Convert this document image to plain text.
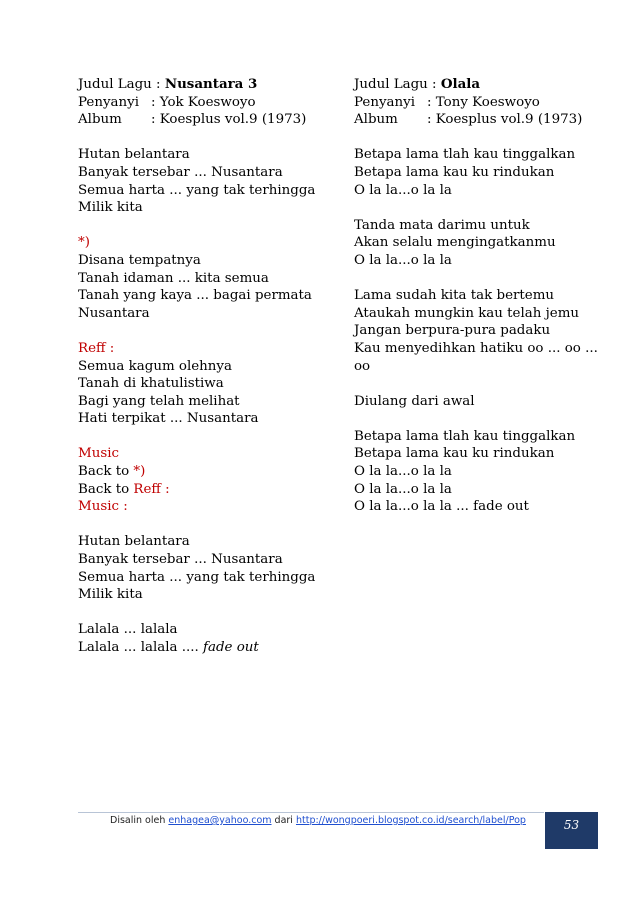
Judul Lagu : Nusantara 3
Penyanyi : Yok Koeswoyo
Album : Koesplus vol.9 (1973)
Hutan belantara
Banyak tersebar ... Nusantara
Semua harta ... yang tak terhingga
Milik kita
*)
Disana tempatnya
Tanah idaman ... kita semua
Tanah yang kaya ... bagai permata
Nusantara
Reff :
Semua kagum olehnya
Tanah di khatulistiwa
Bagi yang telah melihat
Hati terpikat ... Nusantara
Music
Back to *)
Back to Reff :
Music :
Hutan belantara
Banyak tersebar ... Nusantara
Semua harta ... yang tak terhingga
Milik kita
Lalala ... lalala
Lalala ... lalala .... fade out
Judul Lagu : Olala
Penyanyi : Tony Koeswoyo
Album : Koesplus vol.9 (1973)
Betapa lama tlah kau tinggalkan
Betapa lama kau ku rindukan
O la la...o la la
Tanda mata darimu untuk
Akan selalu mengingatkanmu
O la la...o la la
Lama sudah kita tak bertemu
Ataukah mungkin kau telah jemu
Jangan berpura-pura padaku
Kau menyedihkan hatiku oo ... oo ...
oo
Diulang dari awal
Betapa lama tlah kau tinggalkan
Betapa lama kau ku rindukan
O la la...o la la
O la la...o la la
O la la...o la la ... fade out
Disalin oleh enhagea@yahoo.com dari http://wongpoeri.blogspot.co.id/search/label/Pop	53
